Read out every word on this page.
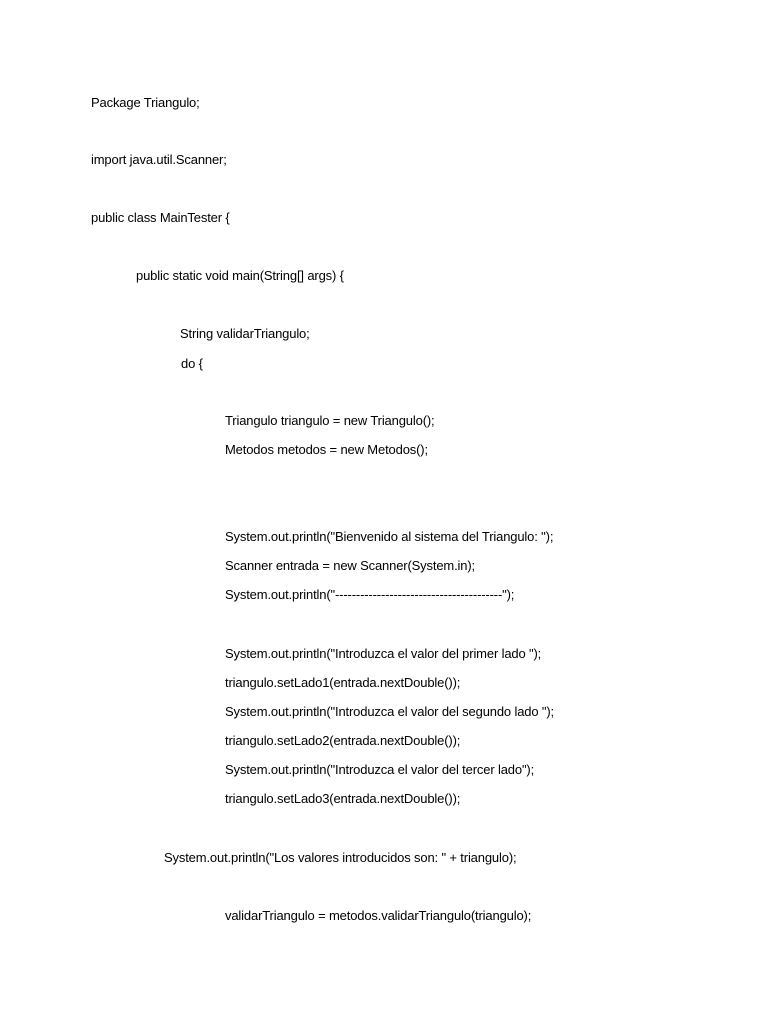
Package Triangulo;
import java.util.Scanner;
public class MainTester {
public static void main(String[] args) {
String validarTriangulo;
do {
Triangulo triangulo = new Triangulo();
Metodos metodos = new Metodos();
System.out.println("Bienvenido al sistema del Triangulo: ");
Scanner entrada = new Scanner(System.in);
System.out.println("----------------------------------------");
System.out.println("Introduzca el valor del primer lado ");
triangulo.setLado1(entrada.nextDouble());
System.out.println("Introduzca el valor del segundo lado ");
triangulo.setLado2(entrada.nextDouble());
System.out.println("Introduzca el valor del tercer lado");
triangulo.setLado3(entrada.nextDouble());
System.out.println("Los valores introducidos son: " + triangulo);
validarTriangulo = metodos.validarTriangulo(triangulo);
